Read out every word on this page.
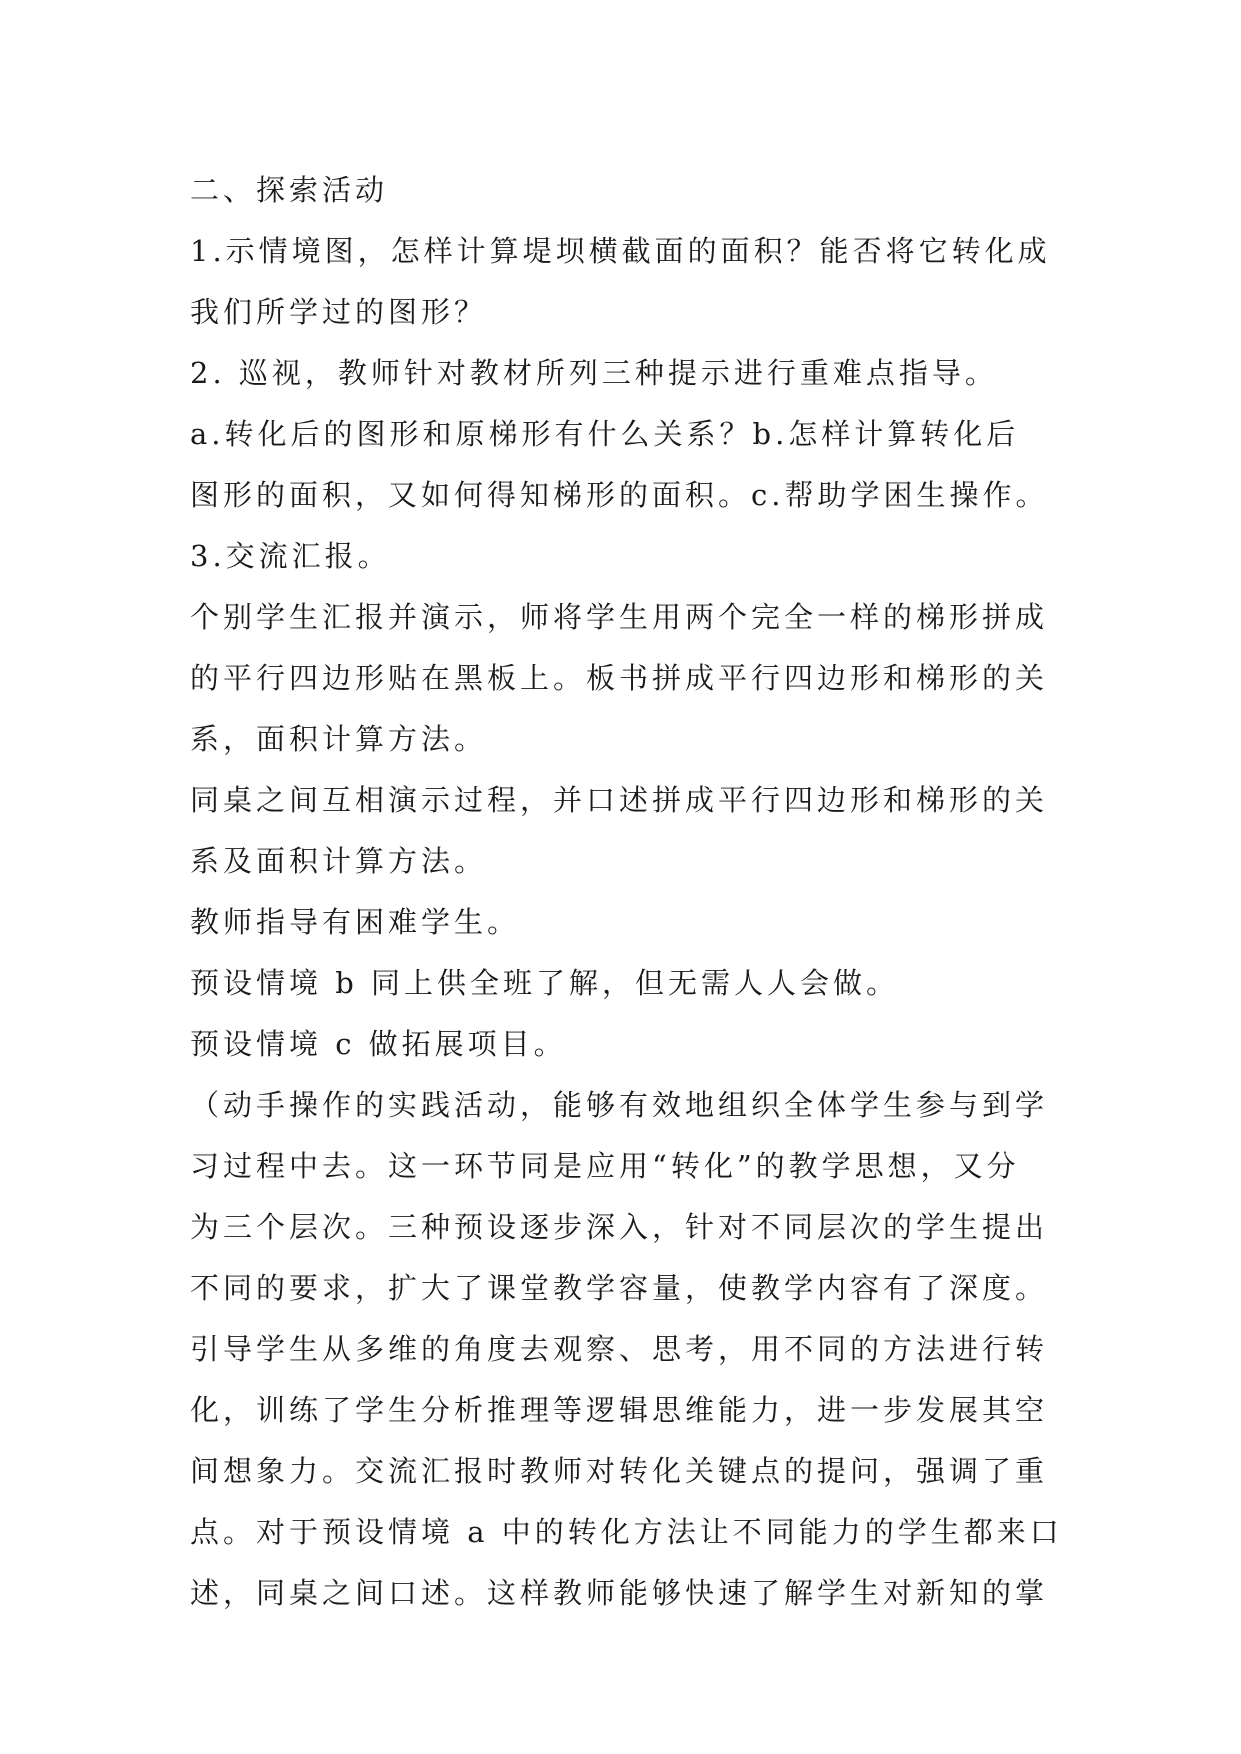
二、探索活动
1.示情境图，怎样计算堤坝横截面的面积？能否将它转化成
我们所学过的图形？
2. 巡视，教师针对教材所列三种提示进行重难点指导。
a.转化后的图形和原梯形有什么关系？b.怎样计算转化后
图形的面积，又如何得知梯形的面积。c.帮助学困生操作。
3.交流汇报。
个别学生汇报并演示，师将学生用两个完全一样的梯形拼成
的平行四边形贴在黑板上。板书拼成平行四边形和梯形的关
系，面积计算方法。
同桌之间互相演示过程，并口述拼成平行四边形和梯形的关
系及面积计算方法。
教师指导有困难学生。
预设情境 b 同上供全班了解，但无需人人会做。
预设情境 c 做拓展项目。
（动手操作的实践活动，能够有效地组织全体学生参与到学
习过程中去。这一环节同是应用“转化”的教学思想，又分
为三个层次。三种预设逐步深入，针对不同层次的学生提出
不同的要求，扩大了课堂教学容量，使教学内容有了深度。
引导学生从多维的角度去观察、思考，用不同的方法进行转
化，训练了学生分析推理等逻辑思维能力，进一步发展其空
间想象力。交流汇报时教师对转化关键点的提问，强调了重
点。对于预设情境 a 中的转化方法让不同能力的学生都来口
述，同桌之间口述。这样教师能够快速了解学生对新知的掌
